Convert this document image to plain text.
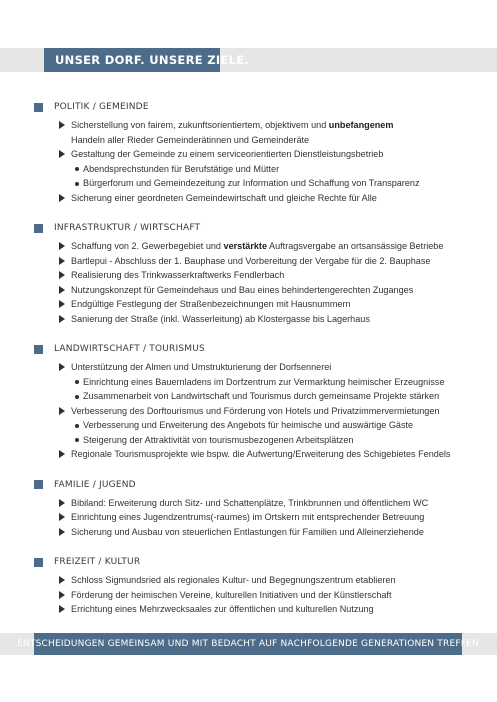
UNSER DORF. UNSERE ZIELE.
POLITIK / GEMEINDE
Sicherstellung von fairem, zukunftsorientiertem, objektivem und unbefangenem
Handeln aller Rieder Gemeinderätinnen und Gemeinderäte
Gestaltung der Gemeinde zu einem serviceorientierten Dienstleistungsbetrieb
Abendsprechstunden für Berufstätige und Mütter
Bürgerforum und Gemeindezeitung zur Information und Schaffung von Transparenz
Sicherung einer geordneten Gemeindewirtschaft und gleiche Rechte für Alle
INFRASTRUKTUR / WIRTSCHAFT
Schaffung von 2. Gewerbegebiet und verstärkte Auftragsvergabe an ortsansässige Betriebe
Bartlepui - Abschluss der 1. Bauphase und Vorbereitung der Vergabe für die 2. Bauphase
Realisierung des Trinkwasserkraftwerks Fendlerbach
Nutzungskonzept für Gemeindehaus und Bau eines behindertengerechten Zuganges
Endgültige Festlegung der Straßenbezeichnungen mit Hausnummern
Sanierung der Straße (inkl. Wasserleitung) ab Klostergasse bis Lagerhaus
LANDWIRTSCHAFT / TOURISMUS
Unterstützung der Almen und Umstrukturierung der Dorfsennerei
Einrichtung eines Bauernladens im Dorfzentrum zur Vermarktung heimischer Erzeugnisse
Zusammenarbeit von Landwirtschaft und Tourismus durch gemeinsame Projekte stärken
Verbesserung des Dorftourismus und Förderung von Hotels und Privatzimmervermietungen
Verbesserung und Erweiterung des Angebots für heimische und auswärtige Gäste
Steigerung der Attraktivität von tourismusbezogenen Arbeitsplätzen
Regionale Tourismusprojekte wie bspw. die Aufwertung/Erweiterung des Schigebietes Fendels
FAMILIE / JUGEND
Bibiland: Erweiterung durch Sitz- und Schattenplätze, Trinkbrunnen und öffentlichem WC
Einrichtung eines Jugendzentrums(-raumes) im Ortskern mit entsprechender Betreuung
Sicherung und Ausbau von steuerlichen Entlastungen für Familien und Alleinerziehende
FREIZEIT / KULTUR
Schloss Sigmundsried als regionales Kultur- und Begegnungszentrum etablieren
Förderung der heimischen Vereine, kulturellen Initiativen und der Künstlerschaft
Errichtung eines Mehrzwecksaales zur öffentlichen und kulturellen Nutzung
ENTSCHEIDUNGEN GEMEINSAM UND MIT BEDACHT AUF NACHFOLGENDE GENERATIONEN TREFFEN
